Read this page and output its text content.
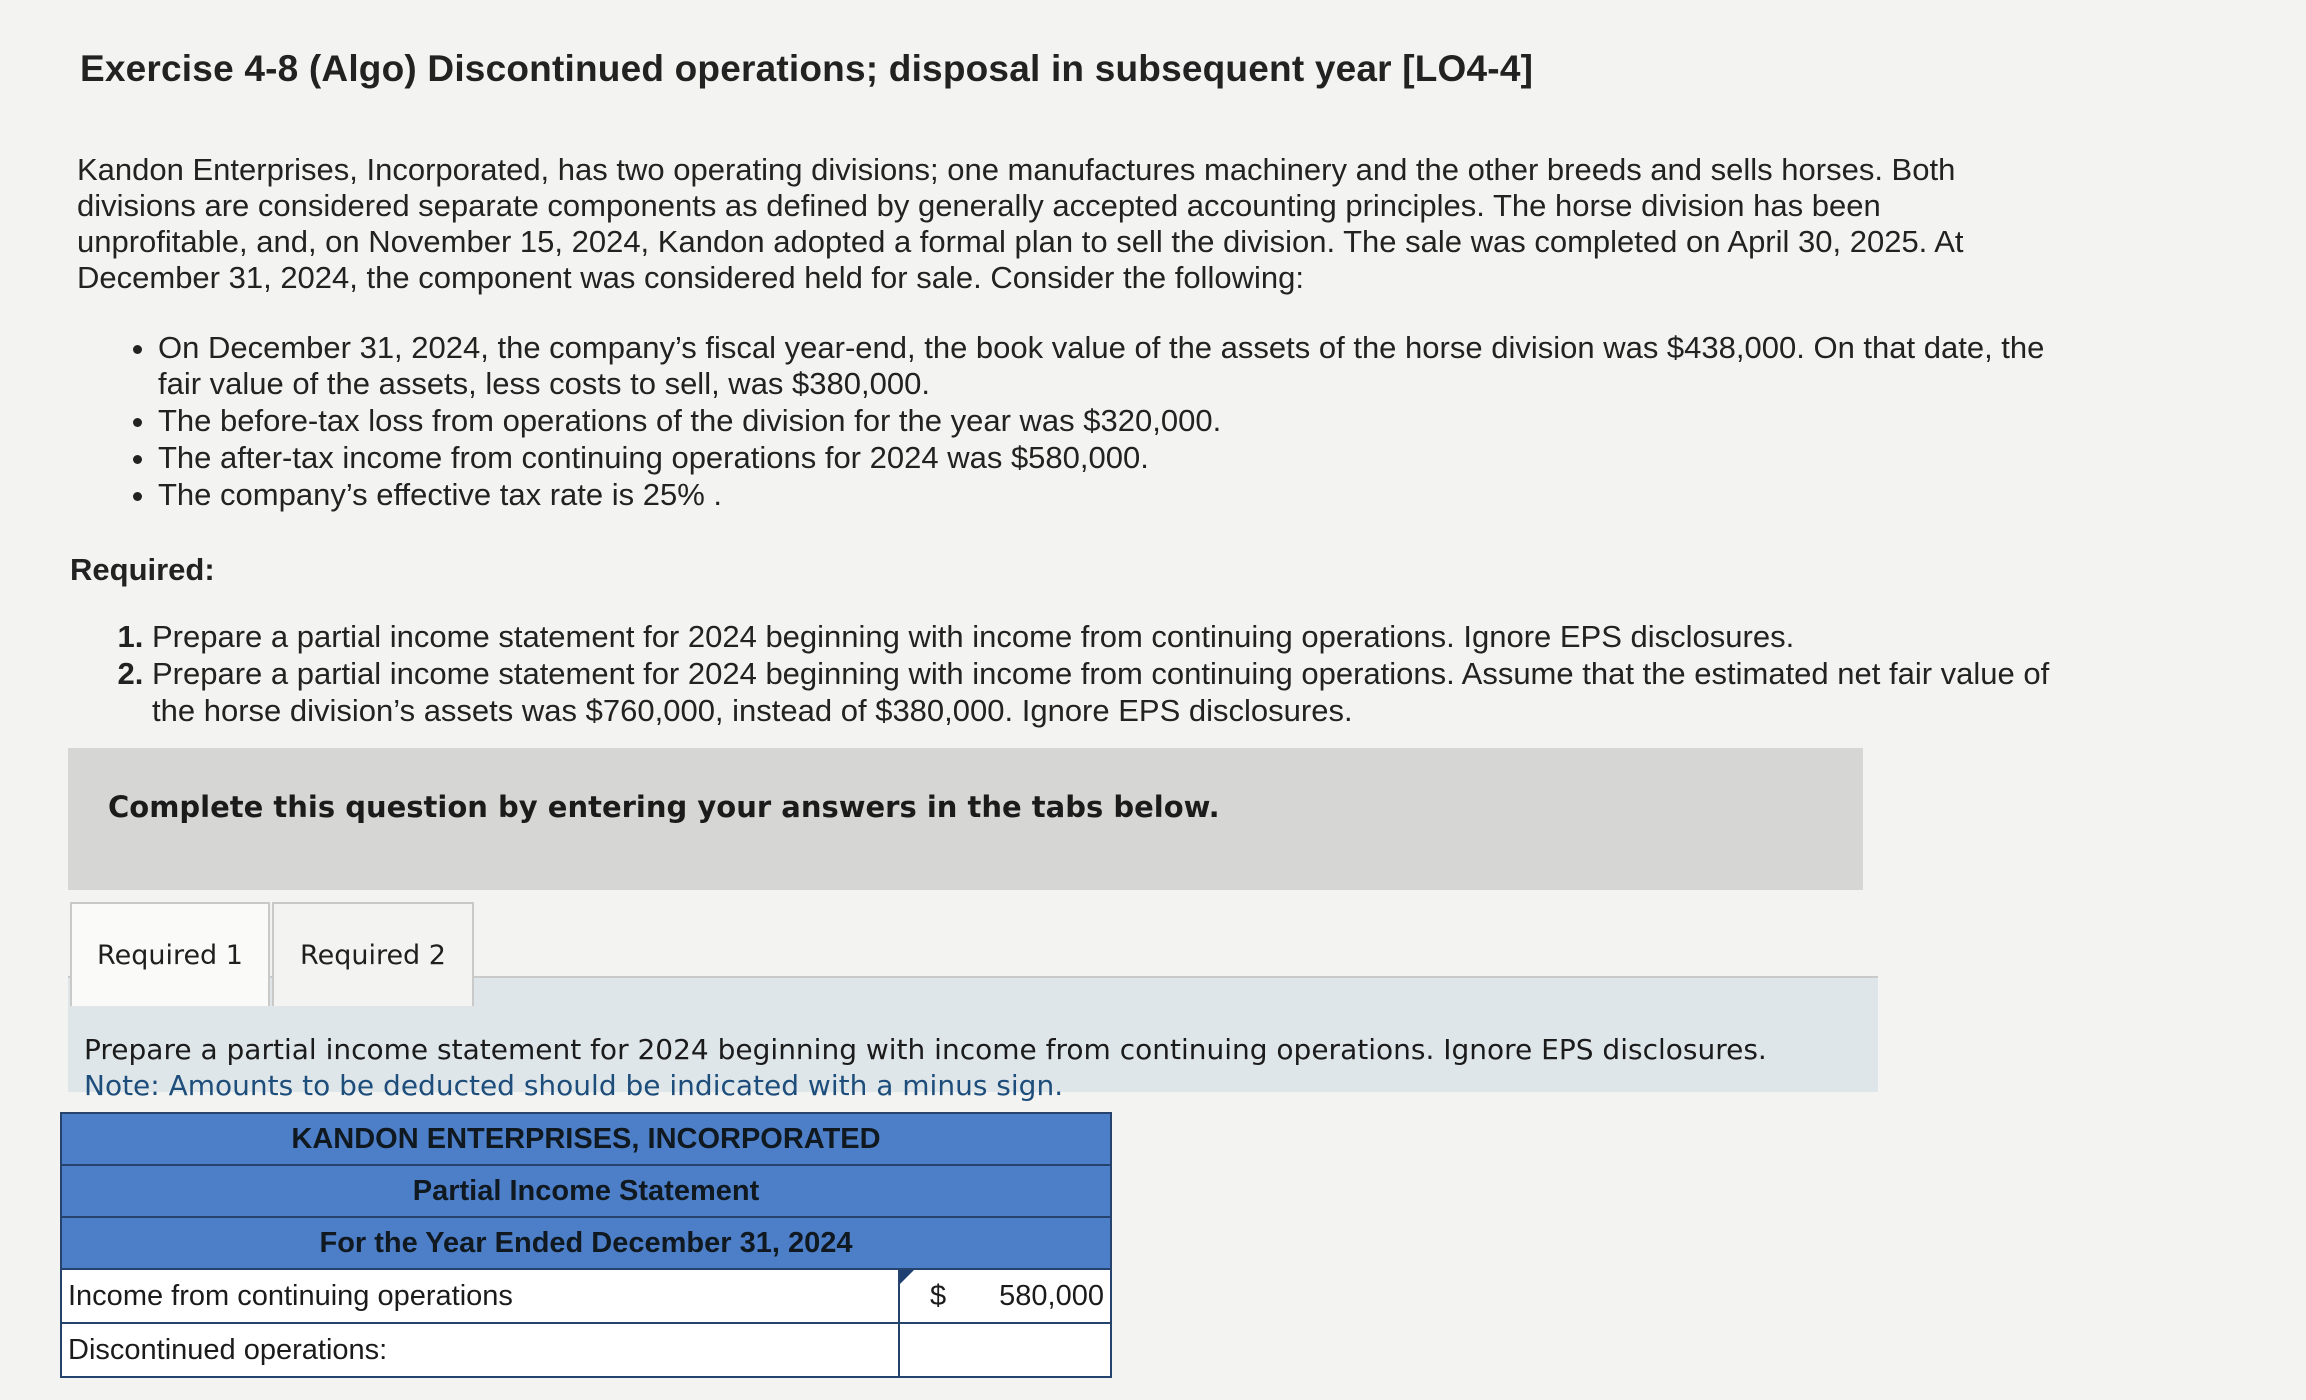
Exercise 4-8 (Algo) Discontinued operations; disposal in subsequent year [LO4-4]
Kandon Enterprises, Incorporated, has two operating divisions; one manufactures machinery and the other breeds and sells horses. Both divisions are considered separate components as defined by generally accepted accounting principles. The horse division has been unprofitable, and, on November 15, 2024, Kandon adopted a formal plan to sell the division. The sale was completed on April 30, 2025. At December 31, 2024, the component was considered held for sale. Consider the following:
• On December 31, 2024, the company’s fiscal year-end, the book value of the assets of the horse division was $438,000. On that date, the fair value of the assets, less costs to sell, was $380,000.
• The before-tax loss from operations of the division for the year was $320,000.
• The after-tax income from continuing operations for 2024 was $580,000.
• The company’s effective tax rate is 25% .
Required:
1. Prepare a partial income statement for 2024 beginning with income from continuing operations. Ignore EPS disclosures.
2. Prepare a partial income statement for 2024 beginning with income from continuing operations. Assume that the estimated net fair value of the horse division’s assets was $760,000, instead of $380,000. Ignore EPS disclosures.
Complete this question by entering your answers in the tabs below.
Prepare a partial income statement for 2024 beginning with income from continuing operations. Ignore EPS disclosures.
Note: Amounts to be deducted should be indicated with a minus sign.
Required 1	Required 2
KANDON ENTERPRISES, INCORPORATED
Partial Income Statement
For the Year Ended December 31, 2024
Income from continuing operations	$
580,000
Discontinued operations:
